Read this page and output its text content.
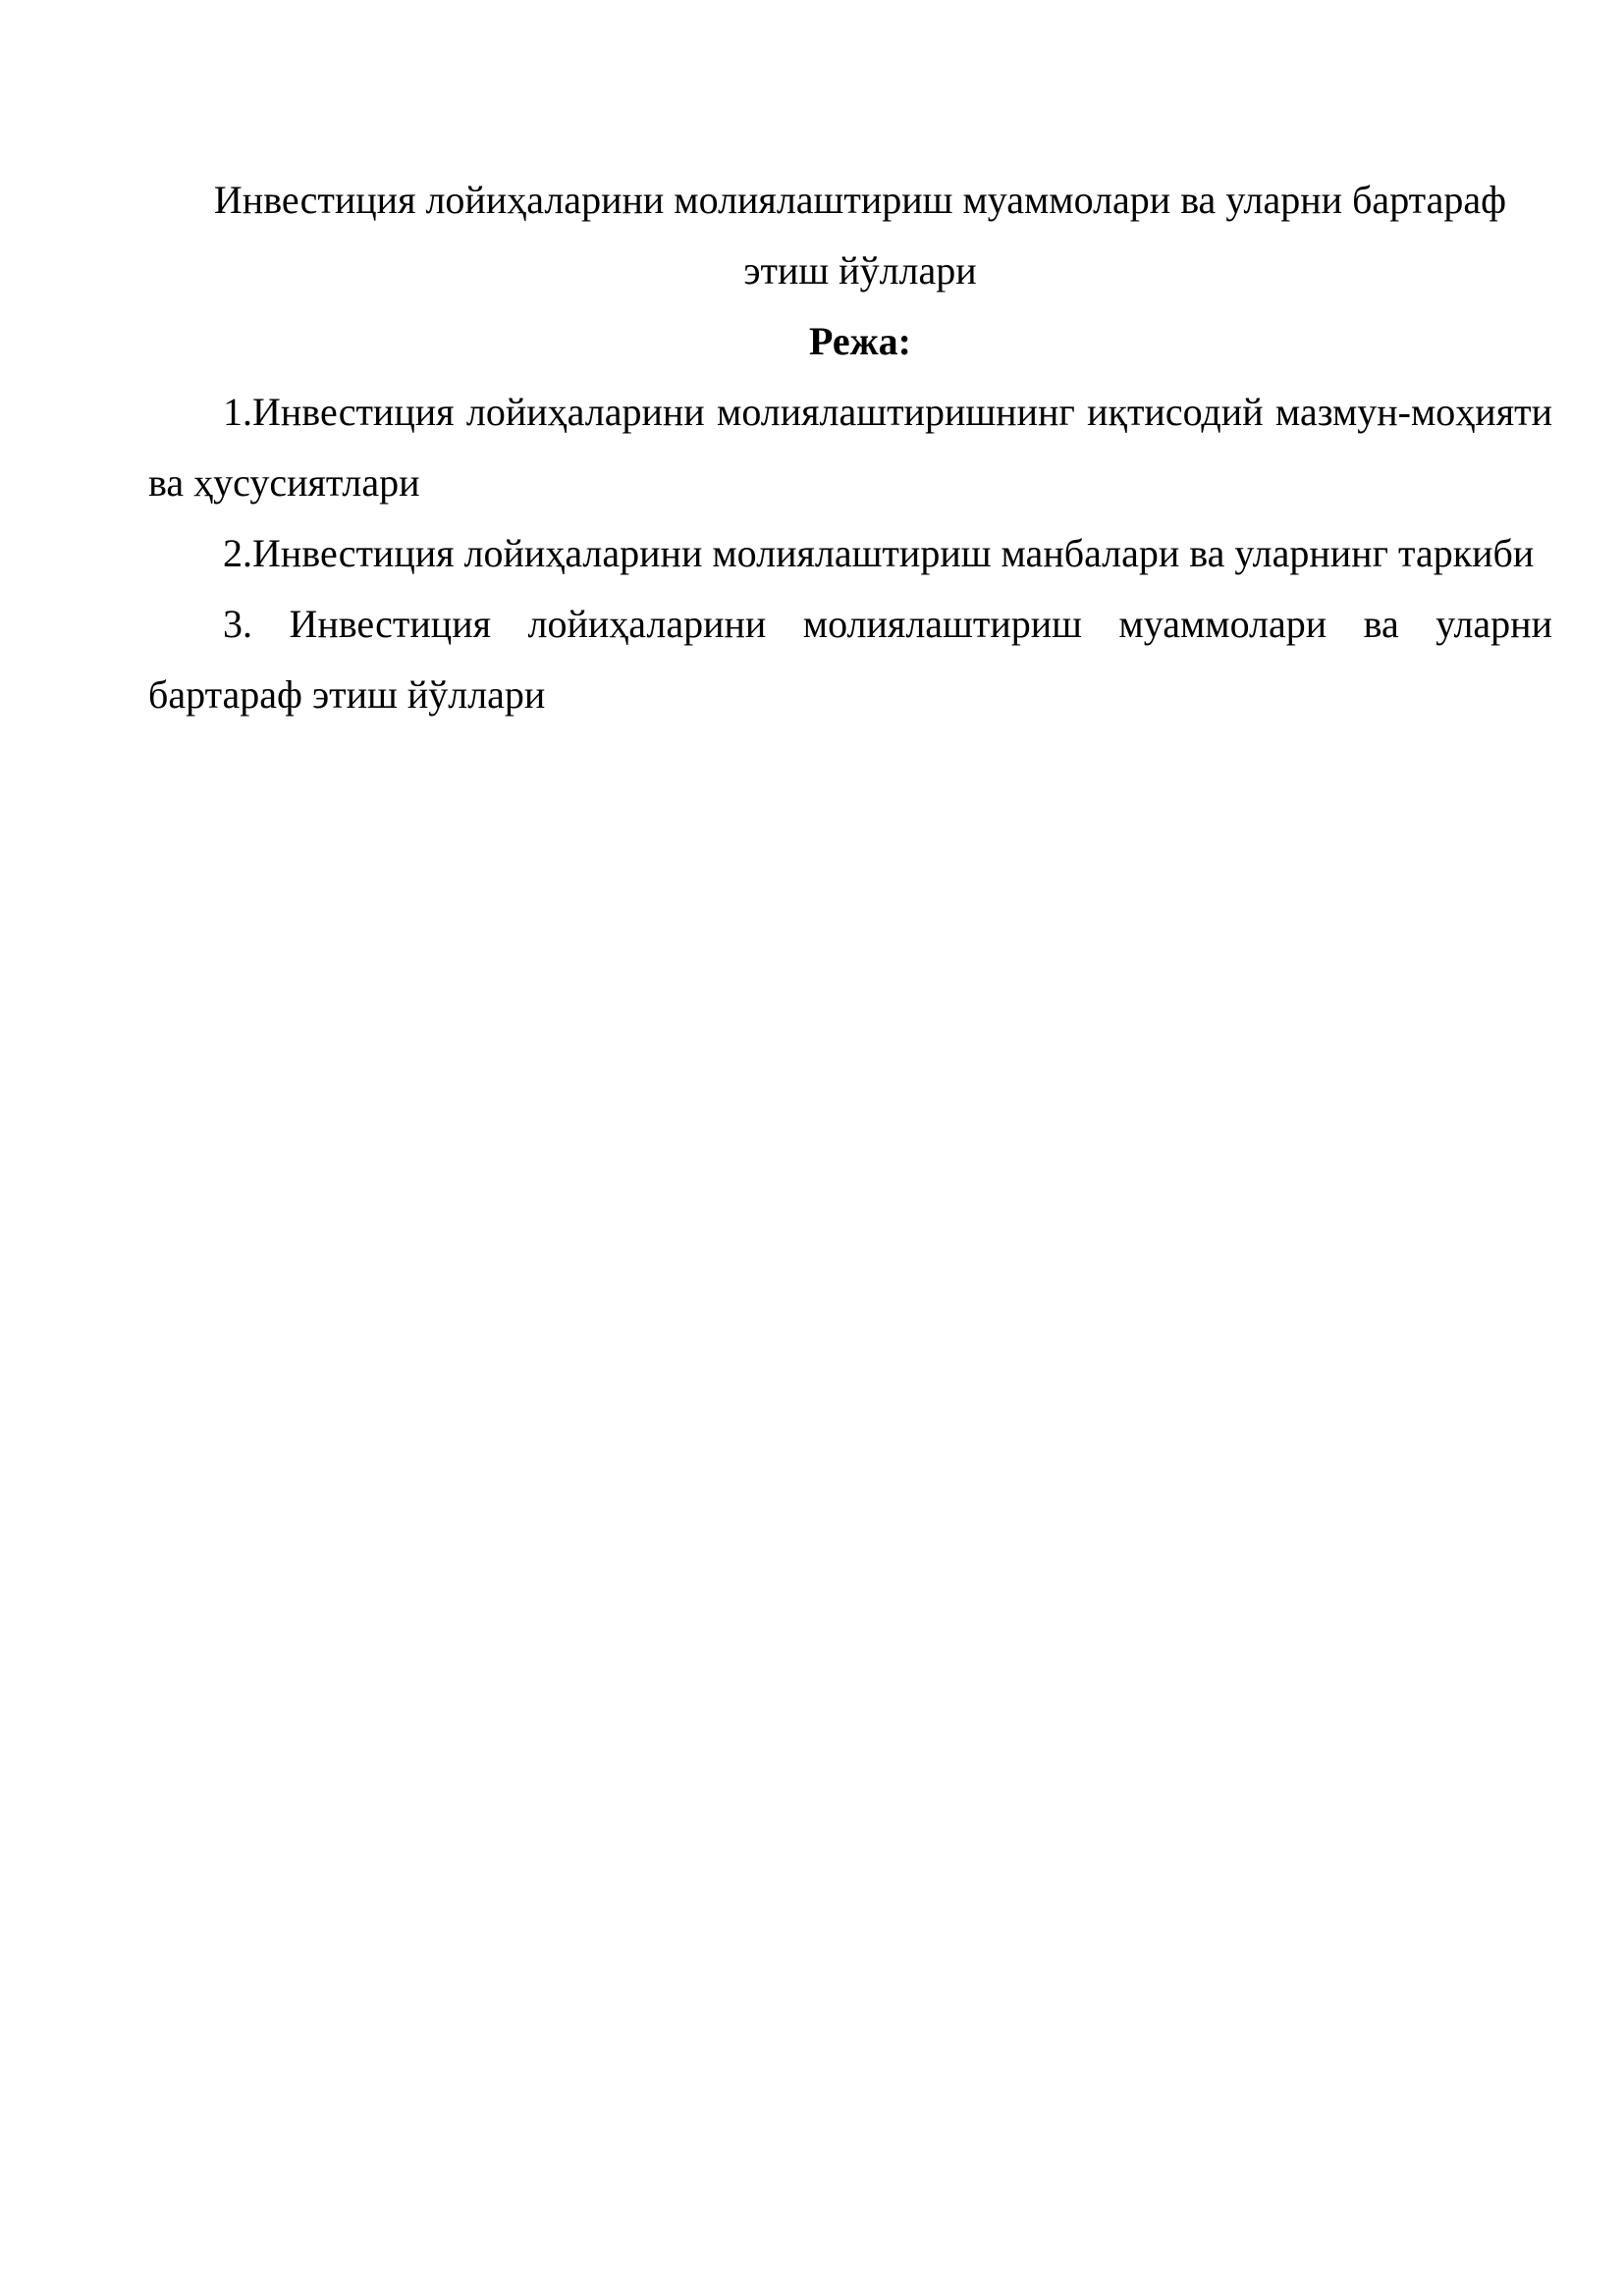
Инвестиция лойиҳаларини молиялаштириш муаммолари ва уларни бартараф этиш йўллари

Режа:

1.Инвестиция лойиҳаларини молиялаштиришнинг иқтисодий мазмун-моҳияти ва ҳусусиятлари
2.Инвестиция лойиҳаларини молиялаштириш манбалари ва уларнинг таркиби
3. Инвестиция лойиҳаларини молиялаштириш муаммолари ва уларни бартараф этиш йўллари
